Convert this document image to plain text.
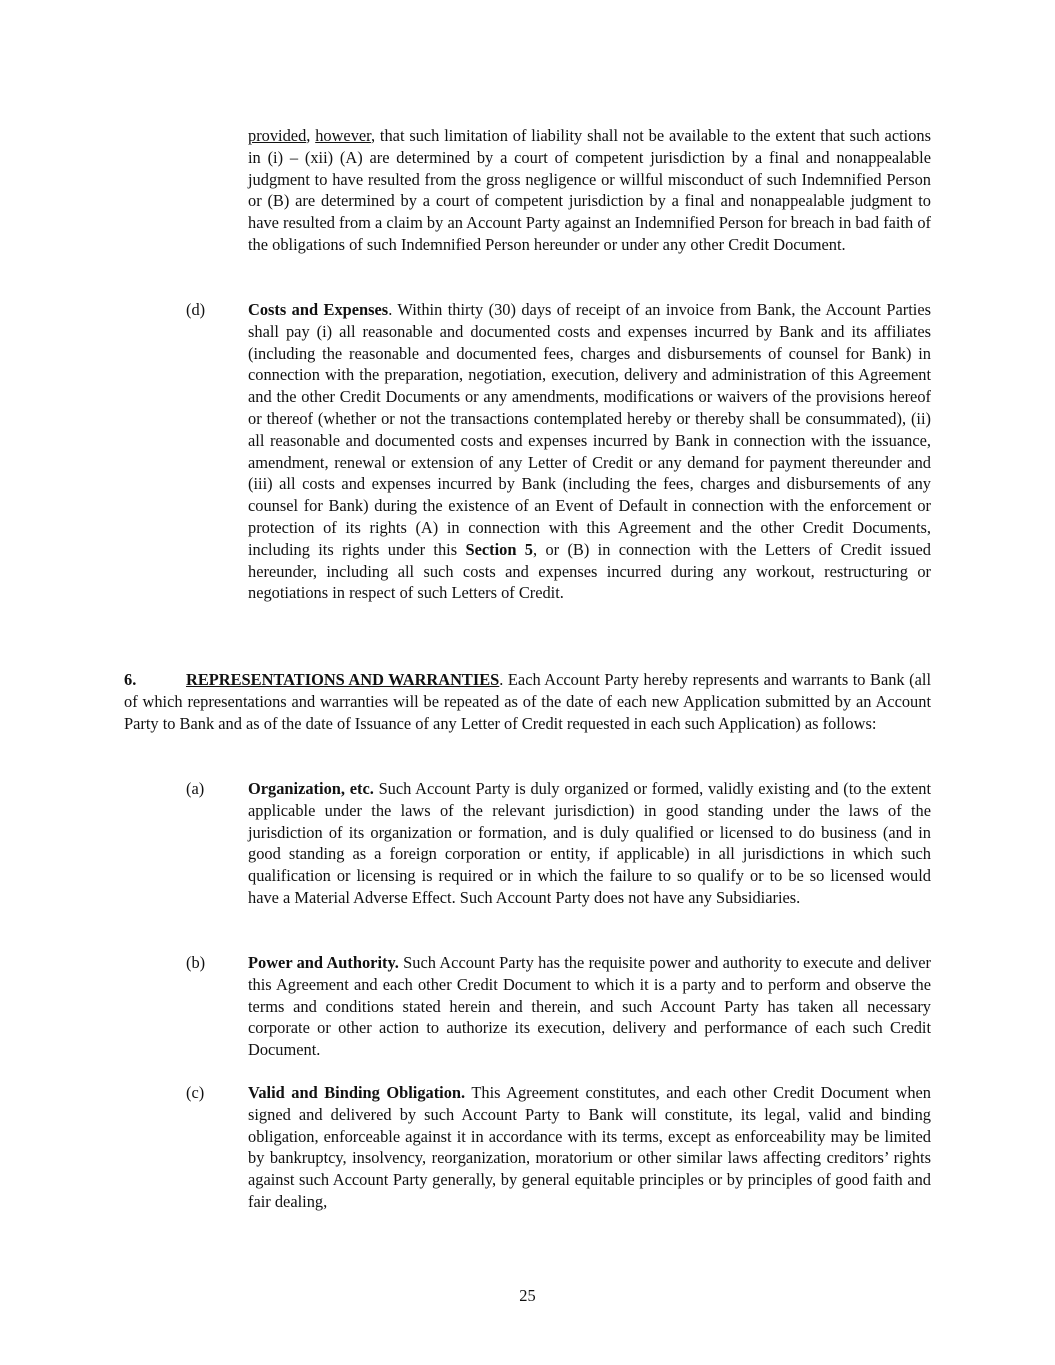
provided, however, that such limitation of liability shall not be available to the extent that such actions in (i) – (xii) (A) are determined by a court of competent jurisdiction by a final and nonappealable judgment to have resulted from the gross negligence or willful misconduct of such Indemnified Person or (B) are determined by a court of competent jurisdiction by a final and nonappealable judgment to have resulted from a claim by an Account Party against an Indemnified Person for breach in bad faith of the obligations of such Indemnified Person hereunder or under any other Credit Document.
(d)	Costs and Expenses. Within thirty (30) days of receipt of an invoice from Bank, the Account Parties shall pay (i) all reasonable and documented costs and expenses incurred by Bank and its affiliates (including the reasonable and documented fees, charges and disbursements of counsel for Bank) in connection with the preparation, negotiation, execution, delivery and administration of this Agreement and the other Credit Documents or any amendments, modifications or waivers of the provisions hereof or thereof (whether or not the transactions contemplated hereby or thereby shall be consummated), (ii) all reasonable and documented costs and expenses incurred by Bank in connection with the issuance, amendment, renewal or extension of any Letter of Credit or any demand for payment thereunder and (iii) all costs and expenses incurred by Bank (including the fees, charges and disbursements of any counsel for Bank) during the existence of an Event of Default in connection with the enforcement or protection of its rights (A) in connection with this Agreement and the other Credit Documents, including its rights under this Section 5, or (B) in connection with the Letters of Credit issued hereunder, including all such costs and expenses incurred during any workout, restructuring or negotiations in respect of such Letters of Credit.
6.	REPRESENTATIONS AND WARRANTIES. Each Account Party hereby represents and warrants to Bank (all of which representations and warranties will be repeated as of the date of each new Application submitted by an Account Party to Bank and as of the date of Issuance of any Letter of Credit requested in each such Application) as follows:
(a)	Organization, etc. Such Account Party is duly organized or formed, validly existing and (to the extent applicable under the laws of the relevant jurisdiction) in good standing under the laws of the jurisdiction of its organization or formation, and is duly qualified or licensed to do business (and in good standing as a foreign corporation or entity, if applicable) in all jurisdictions in which such qualification or licensing is required or in which the failure to so qualify or to be so licensed would have a Material Adverse Effect. Such Account Party does not have any Subsidiaries.
(b)	Power and Authority. Such Account Party has the requisite power and authority to execute and deliver this Agreement and each other Credit Document to which it is a party and to perform and observe the terms and conditions stated herein and therein, and such Account Party has taken all necessary corporate or other action to authorize its execution, delivery and performance of each such Credit Document.
(c)	Valid and Binding Obligation. This Agreement constitutes, and each other Credit Document when signed and delivered by such Account Party to Bank will constitute, its legal, valid and binding obligation, enforceable against it in accordance with its terms, except as enforceability may be limited by bankruptcy, insolvency, reorganization, moratorium or other similar laws affecting creditors’ rights against such Account Party generally, by general equitable principles or by principles of good faith and fair dealing,
25
